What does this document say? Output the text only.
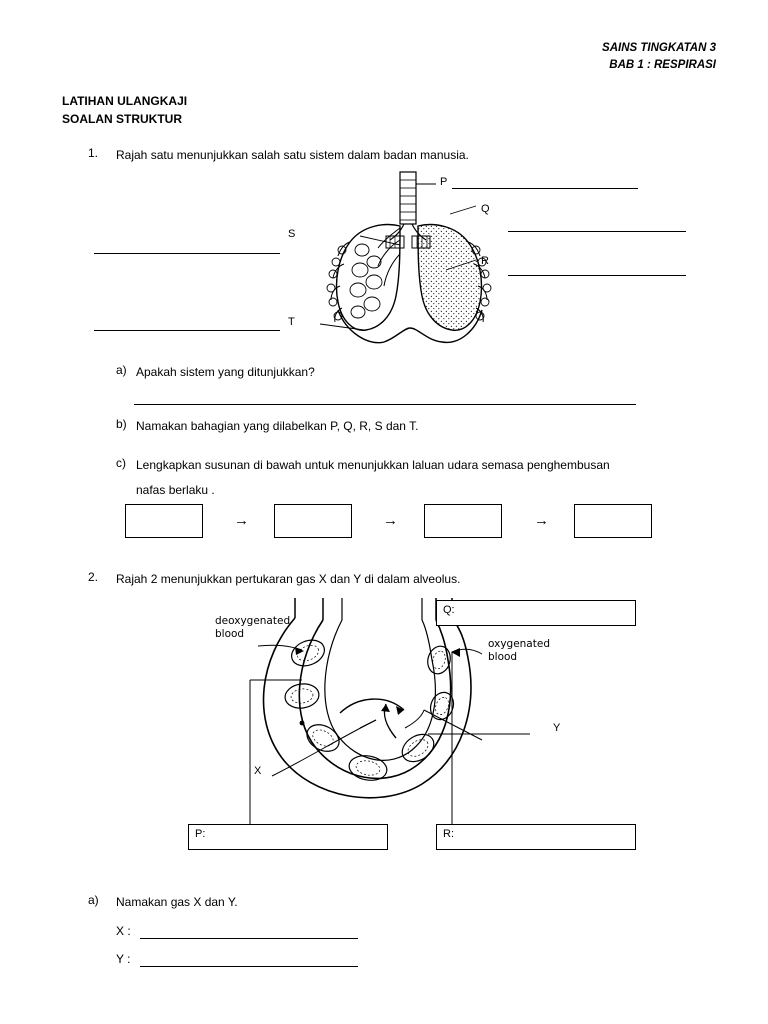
SAINS TINGKATAN 3
BAB 1 : RESPIRASI
LATIHAN ULANGKAJI
SOALAN STRUKTUR
1. Rajah satu menunjukkan salah satu sistem dalam badan manusia.
P
Q
R
S
T
a) Apakah sistem yang ditunjukkan?
b) Namakan bahagian yang dilabelkan P, Q, R, S dan T.
c) Lengkapkan susunan di bawah untuk menunjukkan laluan udara semasa penghembusan
nafas berlaku .
→	→	→
2. Rajah 2 menunjukkan pertukaran gas X dan Y di dalam alveolus.
deoxygenated
blood
oxygenated
blood
X
Y
Q:
P:	R:
a) Namakan gas X dan Y.
X :
Y :
